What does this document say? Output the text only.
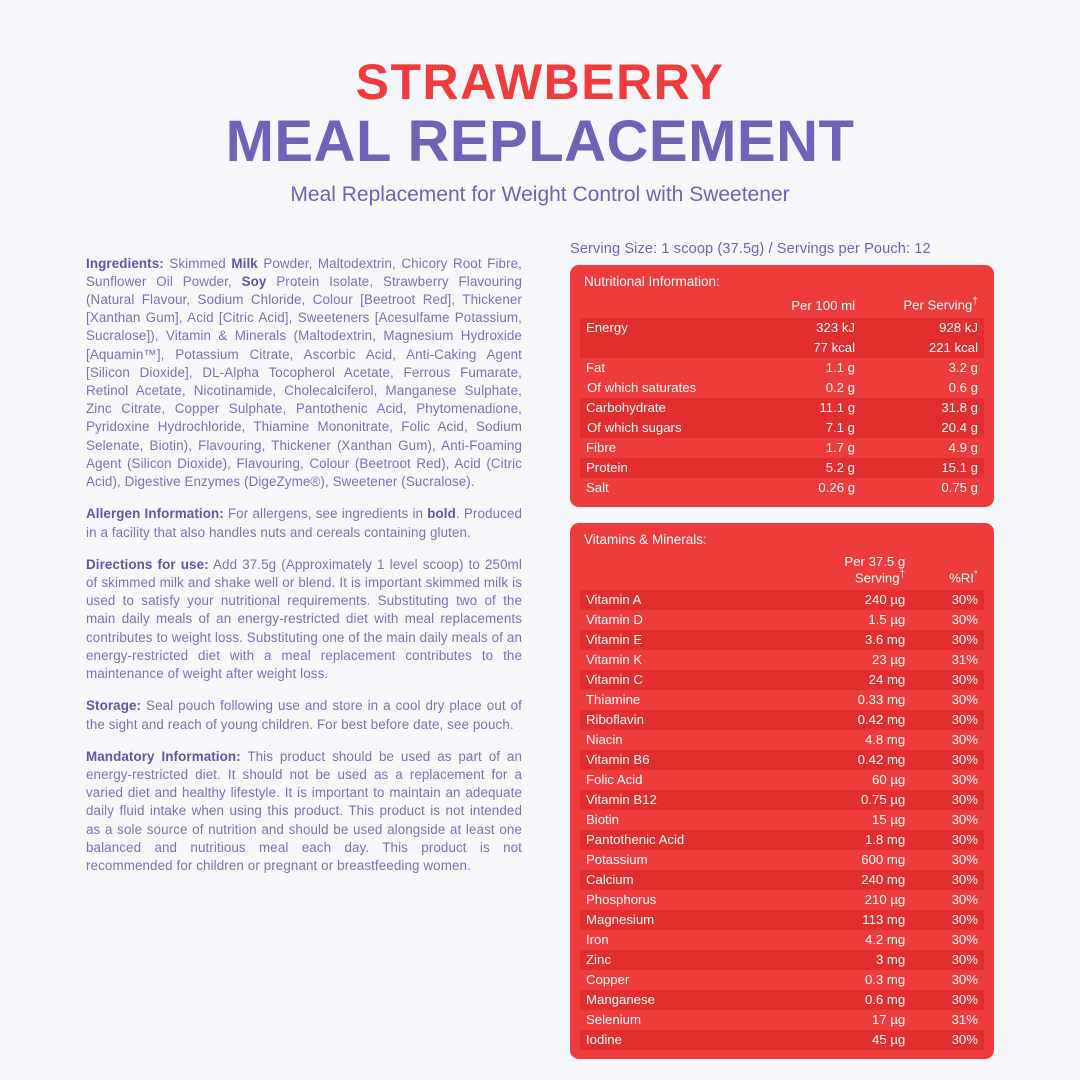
STRAWBERRY
MEAL REPLACEMENT
Meal Replacement for Weight Control with Sweetener

Ingredients: Skimmed Milk Powder, Maltodextrin, Chicory Root Fibre, Sunflower Oil Powder, Soy Protein Isolate, Strawberry Flavouring (Natural Flavour, Sodium Chloride, Colour [Beetroot Red], Thickener [Xanthan Gum], Acid [Citric Acid], Sweeteners [Acesulfame Potassium, Sucralose]), Vitamin & Minerals (Maltodextrin, Magnesium Hydroxide [Aquamin™], Potassium Citrate, Ascorbic Acid, Anti-Caking Agent [Silicon Dioxide], DL-Alpha Tocopherol Acetate, Ferrous Fumarate, Retinol Acetate, Nicotinamide, Cholecalciferol, Manganese Sulphate, Zinc Citrate, Copper Sulphate, Pantothenic Acid, Phytomenadione, Pyridoxine Hydrochloride, Thiamine Mononitrate, Folic Acid, Sodium Selenate, Biotin), Flavouring, Thickener (Xanthan Gum), Anti-Foaming Agent (Silicon Dioxide), Flavouring, Colour (Beetroot Red), Acid (Citric Acid), Digestive Enzymes (DigeZyme®), Sweetener (Sucralose).

Allergen Information: For allergens, see ingredients in bold. Produced in a facility that also handles nuts and cereals containing gluten.

Directions for use: Add 37.5g (Approximately 1 level scoop) to 250ml of skimmed milk and shake well or blend. It is important skimmed milk is used to satisfy your nutritional requirements. Substituting two of the main daily meals of an energy-restricted diet with meal replacements contributes to weight loss. Substituting one of the main daily meals of an energy-restricted diet with a meal replacement contributes to the maintenance of weight after weight loss.

Storage: Seal pouch following use and store in a cool dry place out of the sight and reach of young children. For best before date, see pouch.

Mandatory Information: This product should be used as part of an energy-restricted diet. It should not be used as a replacement for a varied diet and healthy lifestyle. It is important to maintain an adequate daily fluid intake when using this product. This product is not intended as a sole source of nutrition and should be used alongside at least one balanced and nutritious meal each day. This product is not recommended for children or pregnant or breastfeeding women.

Serving Size: 1 scoop (37.5g) / Servings per Pouch: 12
Nutritional Information:
	Per 100 ml	Per Serving†
Energy	323 kJ	928 kJ
	77 kcal	221 kcal
Fat	1.1 g	3.2 g
Of which saturates	0.2 g	0.6 g
Carbohydrate	11.1 g	31.8 g
Of which sugars	7.1 g	20.4 g
Fibre	1.7 g	4.9 g
Protein	5.2 g	15.1 g
Salt	0.26 g	0.75 g
Vitamins & Minerals:
	Per 37.5 g Serving†	%RI*
Vitamin A	240 µg	30%
Vitamin D	1.5 µg	30%
Vitamin E	3.6 mg	30%
Vitamin K	23 µg	31%
Vitamin C	24 mg	30%
Thiamine	0.33 mg	30%
Riboflavin	0.42 mg	30%
Niacin	4.8 mg	30%
Vitamin B6	0.42 mg	30%
Folic Acid	60 µg	30%
Vitamin B12	0.75 µg	30%
Biotin	15 µg	30%
Pantothenic Acid	1.8 mg	30%
Potassium	600 mg	30%
Calcium	240 mg	30%
Phosphorus	210 µg	30%
Magnesium	113 mg	30%
Iron	4.2 mg	30%
Zinc	3 mg	30%
Copper	0.3 mg	30%
Manganese	0.6 mg	30%
Selenium	17 µg	31%
Iodine	45 µg	30%
